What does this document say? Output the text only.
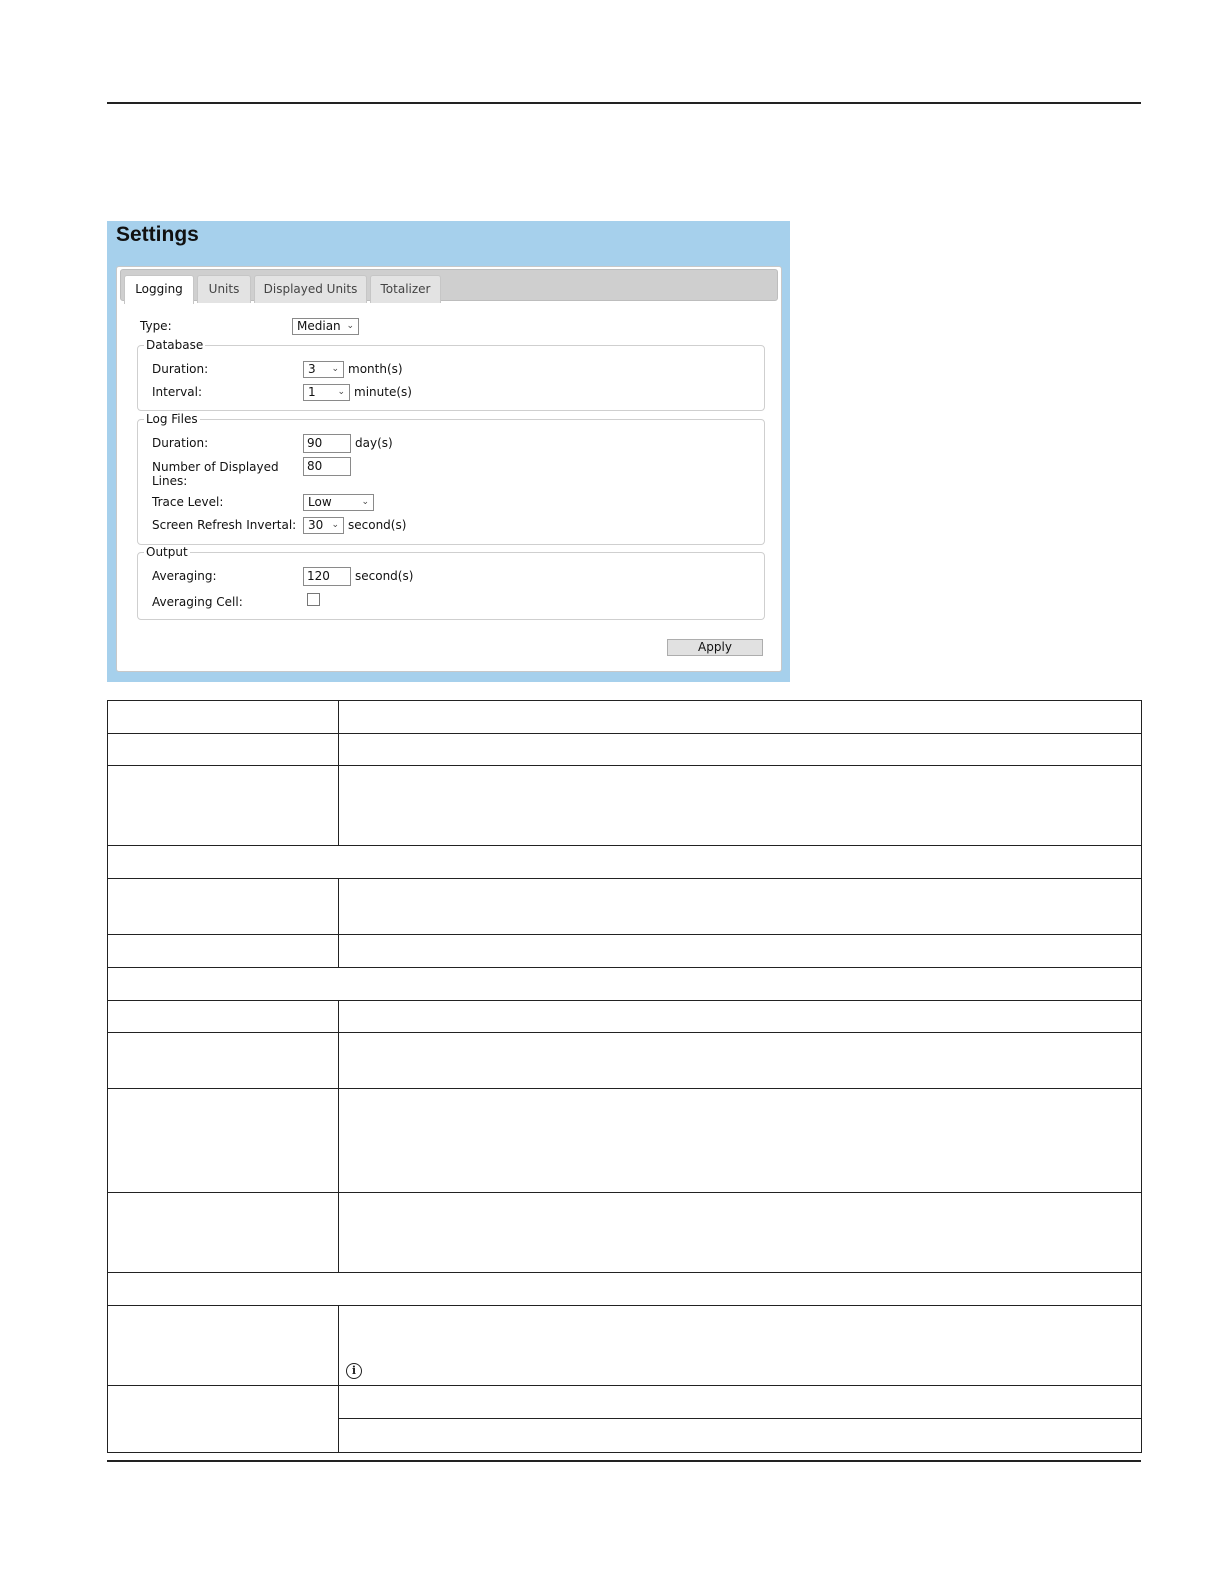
Settings
Logging	Units	Displayed Units	Totalizer
Type:	Median ⌄
Database
Duration:	3 ⌄ month(s)
Interval:	1 ⌄ minute(s)
Log Files
Duration:	90	day(s)
Number of Displayed Lines:
80
Trace Level:	Low	⌄
Screen Refresh Invertal: 30 ⌄ second(s)
Output
Averaging:	120	second(s)
Averaging Cell:
Apply
i
